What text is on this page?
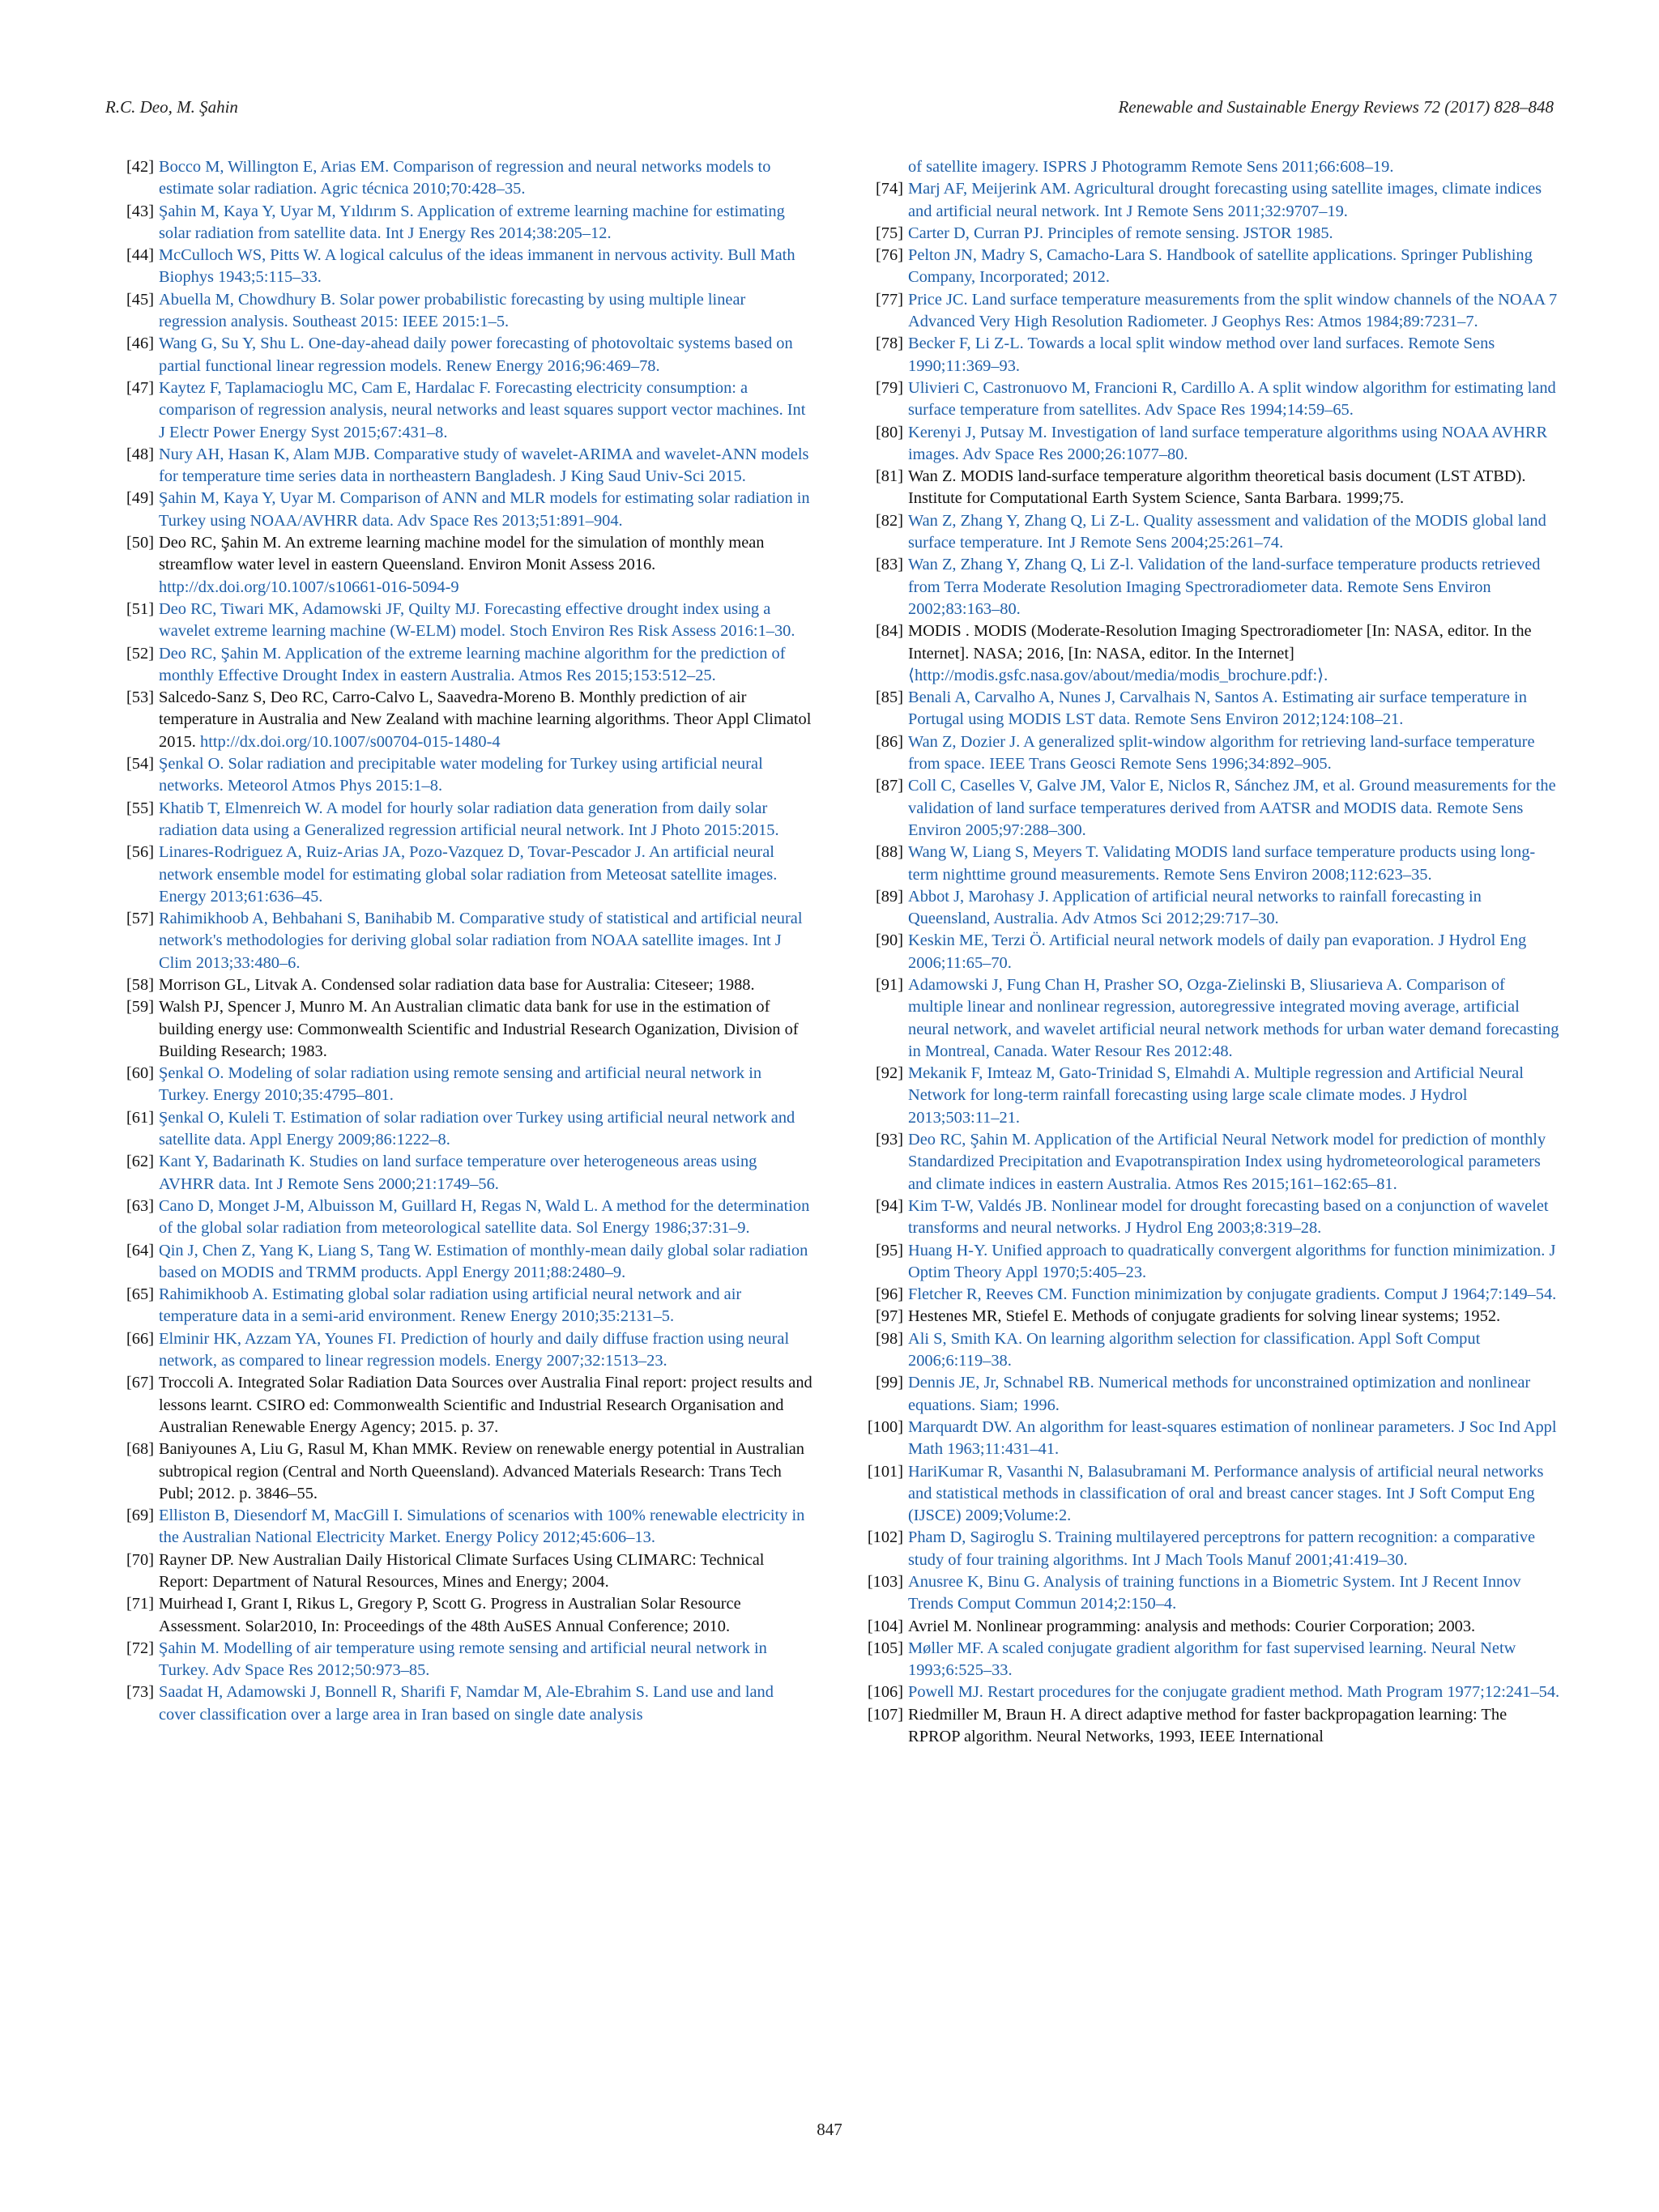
R.C. Deo, M. Şahin	Renewable and Sustainable Energy Reviews 72 (2017) 828–848
[42] Bocco M, Willington E, Arias EM. Comparison of regression and neural networks models to estimate solar radiation. Agric técnica 2010;70:428–35.
[43] Şahin M, Kaya Y, Uyar M, Yıldırım S. Application of extreme learning machine for estimating solar radiation from satellite data. Int J Energy Res 2014;38:205–12.
[44] McCulloch WS, Pitts W. A logical calculus of the ideas immanent in nervous activity. Bull Math Biophys 1943;5:115–33.
[45] Abuella M, Chowdhury B. Solar power probabilistic forecasting by using multiple linear regression analysis. Southeast 2015: IEEE 2015:1–5.
[46] Wang G, Su Y, Shu L. One-day-ahead daily power forecasting of photovoltaic systems based on partial functional linear regression models. Renew Energy 2016;96:469–78.
[47] Kaytez F, Taplamacioglu MC, Cam E, Hardalac F. Forecasting electricity consumption: a comparison of regression analysis, neural networks and least squares support vector machines. Int J Electr Power Energy Syst 2015;67:431–8.
[48] Nury AH, Hasan K, Alam MJB. Comparative study of wavelet-ARIMA and wavelet-ANN models for temperature time series data in northeastern Bangladesh. J King Saud Univ-Sci 2015.
[49] Şahin M, Kaya Y, Uyar M. Comparison of ANN and MLR models for estimating solar radiation in Turkey using NOAA/AVHRR data. Adv Space Res 2013;51:891–904.
[50] Deo RC, Şahin M. An extreme learning machine model for the simulation of monthly mean streamflow water level in eastern Queensland. Environ Monit Assess 2016. http://dx.doi.org/10.1007/s10661-016-5094-9
[51] Deo RC, Tiwari MK, Adamowski JF, Quilty MJ. Forecasting effective drought index using a wavelet extreme learning machine (W-ELM) model. Stoch Environ Res Risk Assess 2016:1–30.
[52] Deo RC, Şahin M. Application of the extreme learning machine algorithm for the prediction of monthly Effective Drought Index in eastern Australia. Atmos Res 2015;153:512–25.
[53] Salcedo-Sanz S, Deo RC, Carro-Calvo L, Saavedra-Moreno B. Monthly prediction of air temperature in Australia and New Zealand with machine learning algorithms. Theor Appl Climatol 2015. http://dx.doi.org/10.1007/s00704-015-1480-4
[54] Şenkal O. Solar radiation and precipitable water modeling for Turkey using artificial neural networks. Meteorol Atmos Phys 2015:1–8.
[55] Khatib T, Elmenreich W. A model for hourly solar radiation data generation from daily solar radiation data using a Generalized regression artificial neural network. Int J Photo 2015:2015.
[56] Linares-Rodriguez A, Ruiz-Arias JA, Pozo-Vazquez D, Tovar-Pescador J. An artificial neural network ensemble model for estimating global solar radiation from Meteosat satellite images. Energy 2013;61:636–45.
[57] Rahimikhoob A, Behbahani S, Banihabib M. Comparative study of statistical and artificial neural network's methodologies for deriving global solar radiation from NOAA satellite images. Int J Clim 2013;33:480–6.
[58] Morrison GL, Litvak A. Condensed solar radiation data base for Australia: Citeseer; 1988.
[59] Walsh PJ, Spencer J, Munro M. An Australian climatic data bank for use in the estimation of building energy use: Commonwealth Scientific and Industrial Research Oganization, Division of Building Research; 1983.
[60] Şenkal O. Modeling of solar radiation using remote sensing and artificial neural network in Turkey. Energy 2010;35:4795–801.
[61] Şenkal O, Kuleli T. Estimation of solar radiation over Turkey using artificial neural network and satellite data. Appl Energy 2009;86:1222–8.
[62] Kant Y, Badarinath K. Studies on land surface temperature over heterogeneous areas using AVHRR data. Int J Remote Sens 2000;21:1749–56.
[63] Cano D, Monget J-M, Albuisson M, Guillard H, Regas N, Wald L. A method for the determination of the global solar radiation from meteorological satellite data. Sol Energy 1986;37:31–9.
[64] Qin J, Chen Z, Yang K, Liang S, Tang W. Estimation of monthly-mean daily global solar radiation based on MODIS and TRMM products. Appl Energy 2011;88:2480–9.
[65] Rahimikhoob A. Estimating global solar radiation using artificial neural network and air temperature data in a semi-arid environment. Renew Energy 2010;35:2131–5.
[66] Elminir HK, Azzam YA, Younes FI. Prediction of hourly and daily diffuse fraction using neural network, as compared to linear regression models. Energy 2007;32:1513–23.
[67] Troccoli A. Integrated Solar Radiation Data Sources over Australia Final report: project results and lessons learnt. CSIRO ed: Commonwealth Scientific and Industrial Research Organisation and Australian Renewable Energy Agency; 2015. p. 37.
[68] Baniyounes A, Liu G, Rasul M, Khan MMK. Review on renewable energy potential in Australian subtropical region (Central and North Queensland). Advanced Materials Research: Trans Tech Publ; 2012. p. 3846–55.
[69] Elliston B, Diesendorf M, MacGill I. Simulations of scenarios with 100% renewable electricity in the Australian National Electricity Market. Energy Policy 2012;45:606–13.
[70] Rayner DP. New Australian Daily Historical Climate Surfaces Using CLIMARC: Technical Report: Department of Natural Resources, Mines and Energy; 2004.
[71] Muirhead I, Grant I, Rikus L, Gregory P, Scott G. Progress in Australian Solar Resource Assessment. Solar2010, In: Proceedings of the 48th AuSES Annual Conference; 2010.
[72] Şahin M. Modelling of air temperature using remote sensing and artificial neural network in Turkey. Adv Space Res 2012;50:973–85.
[73] Saadat H, Adamowski J, Bonnell R, Sharifi F, Namdar M, Ale-Ebrahim S. Land use and land cover classification over a large area in Iran based on single date analysis
of satellite imagery. ISPRS J Photogramm Remote Sens 2011;66:608–19.
[74] Marj AF, Meijerink AM. Agricultural drought forecasting using satellite images, climate indices and artificial neural network. Int J Remote Sens 2011;32:9707–19.
[75] Carter D, Curran PJ. Principles of remote sensing. JSTOR 1985.
[76] Pelton JN, Madry S, Camacho-Lara S. Handbook of satellite applications. Springer Publishing Company, Incorporated; 2012.
[77] Price JC. Land surface temperature measurements from the split window channels of the NOAA 7 Advanced Very High Resolution Radiometer. J Geophys Res: Atmos 1984;89:7231–7.
[78] Becker F, Li Z-L. Towards a local split window method over land surfaces. Remote Sens 1990;11:369–93.
[79] Ulivieri C, Castronuovo M, Francioni R, Cardillo A. A split window algorithm for estimating land surface temperature from satellites. Adv Space Res 1994;14:59–65.
[80] Kerenyi J, Putsay M. Investigation of land surface temperature algorithms using NOAA AVHRR images. Adv Space Res 2000;26:1077–80.
[81] Wan Z. MODIS land-surface temperature algorithm theoretical basis document (LST ATBD). Institute for Computational Earth System Science, Santa Barbara. 1999;75.
[82] Wan Z, Zhang Y, Zhang Q, Li Z-L. Quality assessment and validation of the MODIS global land surface temperature. Int J Remote Sens 2004;25:261–74.
[83] Wan Z, Zhang Y, Zhang Q, Li Z-l. Validation of the land-surface temperature products retrieved from Terra Moderate Resolution Imaging Spectroradiometer data. Remote Sens Environ 2002;83:163–80.
[84] MODIS . MODIS (Moderate-Resolution Imaging Spectroradiometer [In: NASA, editor. In the Internet]. NASA; 2016, [In: NASA, editor. In the Internet] ⟨http://modis.gsfc.nasa.gov/about/media/modis_brochure.pdf:⟩.
[85] Benali A, Carvalho A, Nunes J, Carvalhais N, Santos A. Estimating air surface temperature in Portugal using MODIS LST data. Remote Sens Environ 2012;124:108–21.
[86] Wan Z, Dozier J. A generalized split-window algorithm for retrieving land-surface temperature from space. IEEE Trans Geosci Remote Sens 1996;34:892–905.
[87] Coll C, Caselles V, Galve JM, Valor E, Niclos R, Sánchez JM, et al. Ground measurements for the validation of land surface temperatures derived from AATSR and MODIS data. Remote Sens Environ 2005;97:288–300.
[88] Wang W, Liang S, Meyers T. Validating MODIS land surface temperature products using long-term nighttime ground measurements. Remote Sens Environ 2008;112:623–35.
[89] Abbot J, Marohasy J. Application of artificial neural networks to rainfall forecasting in Queensland, Australia. Adv Atmos Sci 2012;29:717–30.
[90] Keskin ME, Terzi Ö. Artificial neural network models of daily pan evaporation. J Hydrol Eng 2006;11:65–70.
[91] Adamowski J, Fung Chan H, Prasher SO, Ozga-Zielinski B, Sliusarieva A. Comparison of multiple linear and nonlinear regression, autoregressive integrated moving average, artificial neural network, and wavelet artificial neural network methods for urban water demand forecasting in Montreal, Canada. Water Resour Res 2012:48.
[92] Mekanik F, Imteaz M, Gato-Trinidad S, Elmahdi A. Multiple regression and Artificial Neural Network for long-term rainfall forecasting using large scale climate modes. J Hydrol 2013;503:11–21.
[93] Deo RC, Şahin M. Application of the Artificial Neural Network model for prediction of monthly Standardized Precipitation and Evapotranspiration Index using hydrometeorological parameters and climate indices in eastern Australia. Atmos Res 2015;161–162:65–81.
[94] Kim T-W, Valdés JB. Nonlinear model for drought forecasting based on a conjunction of wavelet transforms and neural networks. J Hydrol Eng 2003;8:319–28.
[95] Huang H-Y. Unified approach to quadratically convergent algorithms for function minimization. J Optim Theory Appl 1970;5:405–23.
[96] Fletcher R, Reeves CM. Function minimization by conjugate gradients. Comput J 1964;7:149–54.
[97] Hestenes MR, Stiefel E. Methods of conjugate gradients for solving linear systems; 1952.
[98] Ali S, Smith KA. On learning algorithm selection for classification. Appl Soft Comput 2006;6:119–38.
[99] Dennis JE, Jr, Schnabel RB. Numerical methods for unconstrained optimization and nonlinear equations. Siam; 1996.
[100] Marquardt DW. An algorithm for least-squares estimation of nonlinear parameters. J Soc Ind Appl Math 1963;11:431–41.
[101] HariKumar R, Vasanthi N, Balasubramani M. Performance analysis of artificial neural networks and statistical methods in classification of oral and breast cancer stages. Int J Soft Comput Eng (IJSCE) 2009;Volume:2.
[102] Pham D, Sagiroglu S. Training multilayered perceptrons for pattern recognition: a comparative study of four training algorithms. Int J Mach Tools Manuf 2001;41:419–30.
[103] Anusree K, Binu G. Analysis of training functions in a Biometric System. Int J Recent Innov Trends Comput Commun 2014;2:150–4.
[104] Avriel M. Nonlinear programming: analysis and methods: Courier Corporation; 2003.
[105] Møller MF. A scaled conjugate gradient algorithm for fast supervised learning. Neural Netw 1993;6:525–33.
[106] Powell MJ. Restart procedures for the conjugate gradient method. Math Program 1977;12:241–54.
[107] Riedmiller M, Braun H. A direct adaptive method for faster backpropagation learning: The RPROP algorithm. Neural Networks, 1993, IEEE International
847
